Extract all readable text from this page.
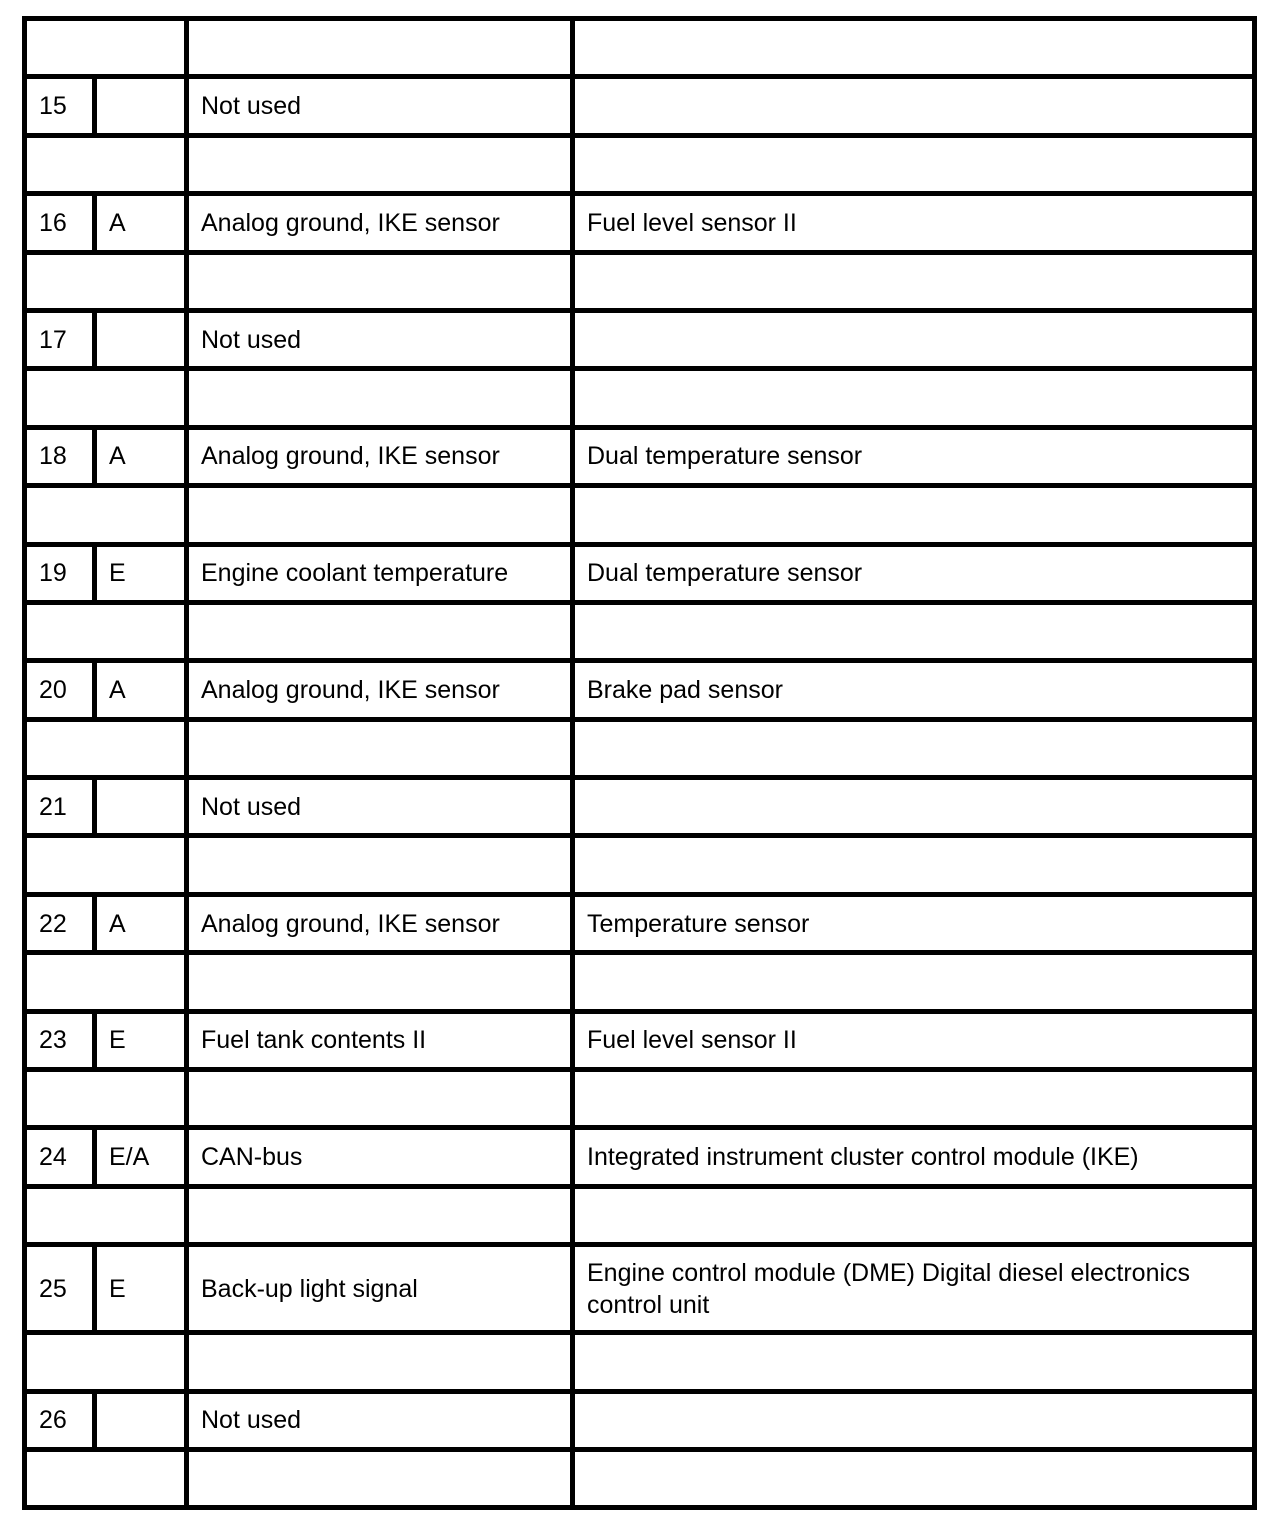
15		Not used	

16	A	Analog ground, IKE sensor	Fuel level sensor II

17		Not used	

18	A	Analog ground, IKE sensor	Dual temperature sensor

19	E	Engine coolant temperature	Dual temperature sensor

20	A	Analog ground, IKE sensor	Brake pad sensor

21		Not used	

22	A	Analog ground, IKE sensor	Temperature sensor

23	E	Fuel tank contents II	Fuel level sensor II

24	E/A	CAN-bus	Integrated instrument cluster control module (IKE)

25	E	Back-up light signal	Engine control module (DME) Digital diesel electronics control unit

26		Not used	
